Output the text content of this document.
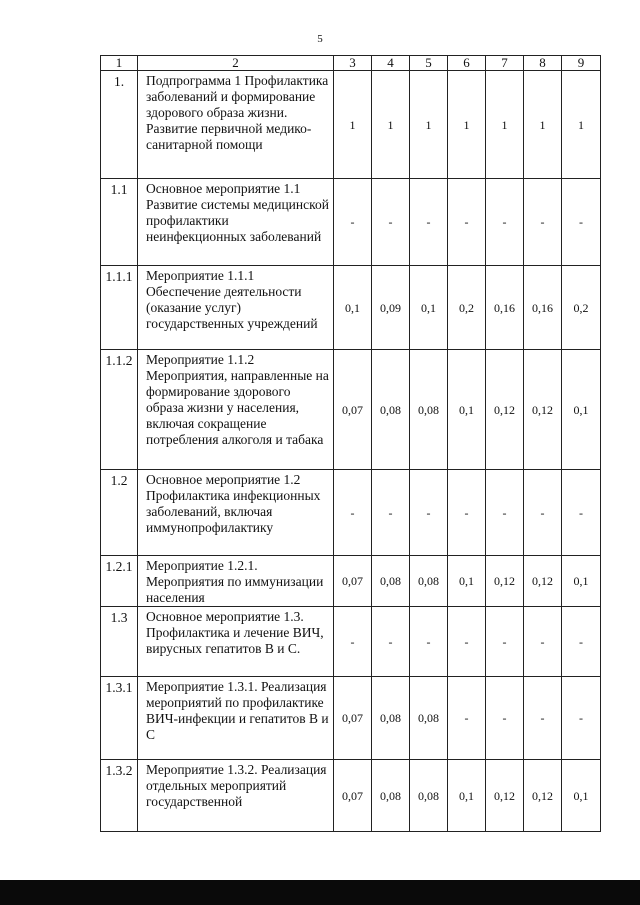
5
1	2	3	4	5	6	7	8	9
1.	Подпрограмма 1 Профилактика заболеваний и формирование здорового образа жизни. Развитие первичной медико-санитарной помощи	1	1	1	1	1	1	1
1.1	Основное мероприятие 1.1 Развитие системы медицинской профилактики неинфекционных заболеваний	-	-	-	-	-	-	-
1.1.1	Мероприятие 1.1.1 Обеспечение деятельности (оказание услуг) государственных учреждений	0,1	0,09	0,1	0,2	0,16	0,16	0,2
1.1.2	Мероприятие 1.1.2 Мероприятия, направленные на формирование здорового образа жизни у населения, включая сокращение потребления алкоголя и табака	0,07	0,08	0,08	0,1	0,12	0,12	0,1
1.2	Основное мероприятие 1.2 Профилактика инфекционных заболеваний, включая иммунопрофилактику	-	-	-	-	-	-	-
1.2.1	Мероприятие 1.2.1. Мероприятия по иммунизации населения	0,07	0,08	0,08	0,1	0,12	0,12	0,1
1.3	Основное мероприятие 1.3. Профилактика и лечение ВИЧ, вирусных гепатитов В и С.	-	-	-	-	-	-	-
1.3.1	Мероприятие 1.3.1. Реализация мероприятий по профилактике ВИЧ-инфекции и гепатитов В и С	0,07	0,08	0,08	-	-	-	-
1.3.2	Мероприятие 1.3.2. Реализация отдельных мероприятий государственной	0,07	0,08	0,08	0,1	0,12	0,12	0,1
